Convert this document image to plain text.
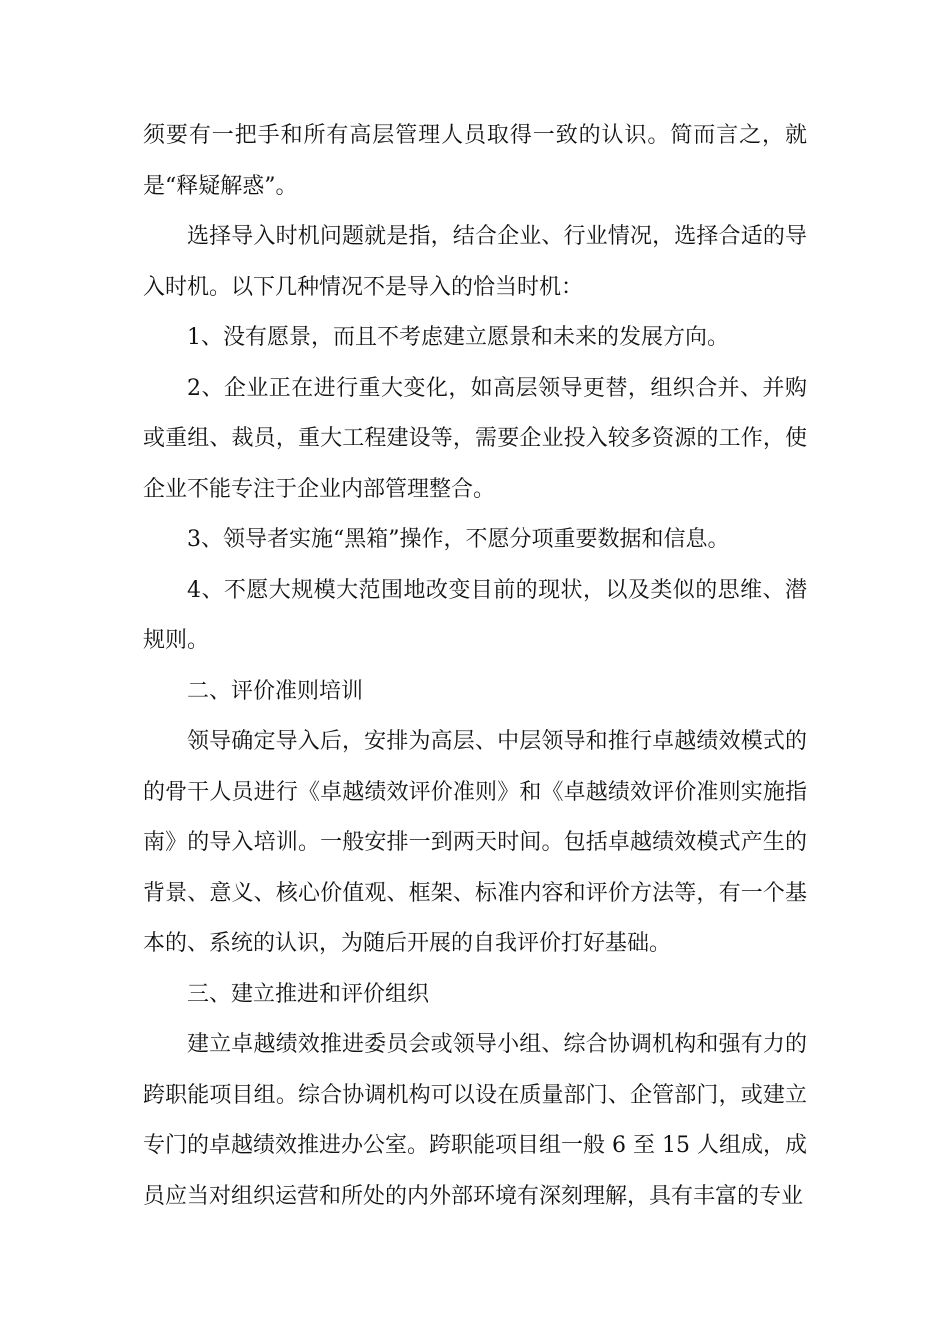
须要有一把手和所有高层管理人员取得一致的认识。简而言之，就是“释疑解惑”。

选择导入时机问题就是指，结合企业、行业情况，选择合适的导入时机。以下几种情况不是导入的恰当时机：

1、没有愿景，而且不考虑建立愿景和未来的发展方向。

2、企业正在进行重大变化，如高层领导更替，组织合并、并购或重组、裁员，重大工程建设等，需要企业投入较多资源的工作，使企业不能专注于企业内部管理整合。

3、领导者实施“黑箱”操作，不愿分项重要数据和信息。

4、不愿大规模大范围地改变目前的现状，以及类似的思维、潜规则。

二、评价准则培训

领导确定导入后，安排为高层、中层领导和推行卓越绩效模式的的骨干人员进行《卓越绩效评价准则》和《卓越绩效评价准则实施指南》的导入培训。一般安排一到两天时间。包括卓越绩效模式产生的背景、意义、核心价值观、框架、标准内容和评价方法等，有一个基本的、系统的认识，为随后开展的自我评价打好基础。

三、建立推进和评价组织

建立卓越绩效推进委员会或领导小组、综合协调机构和强有力的跨职能项目组。综合协调机构可以设在质量部门、企管部门，或建立专门的卓越绩效推进办公室。跨职能项目组一般 6 至 15 人组成，成员应当对组织运营和所处的内外部环境有深刻理解，具有丰富的专业
